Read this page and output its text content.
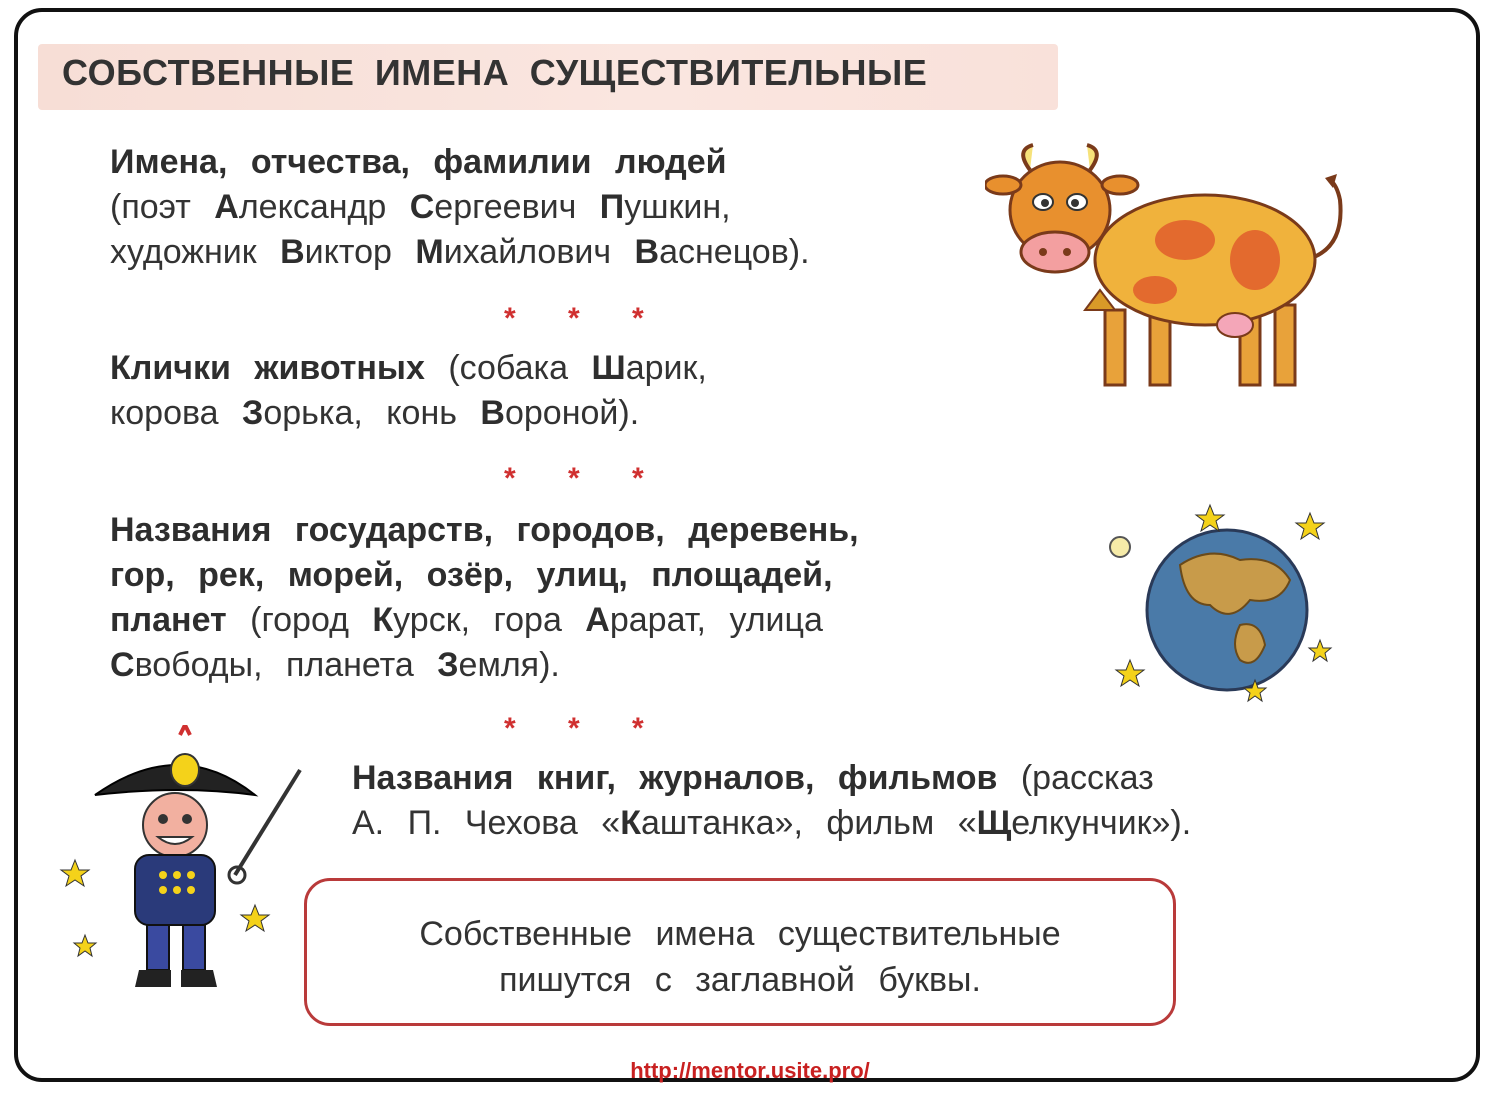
СОБСТВЕННЫЕ ИМЕНА СУЩЕСТВИТЕЛЬНЫЕ
Имена, отчества, фамилии людей
(поэт Александр Сергеевич Пушкин,
художник Виктор Михайлович Васнецов).
* * *
Клички животных (собака Шарик,
корова Зорька, конь Вороной).
* * *
Названия государств, городов, деревень,
гор, рек, морей, озёр, улиц, площадей,
планет (город Курск, гора Арарат, улица
Свободы, планета Земля).
* * *
Названия книг, журналов, фильмов (рассказ
А. П. Чехова «Каштанка», фильм «Щелкунчик»).
Собственные имена существительные
пишутся с заглавной буквы.
http://mentor.usite.pro/
